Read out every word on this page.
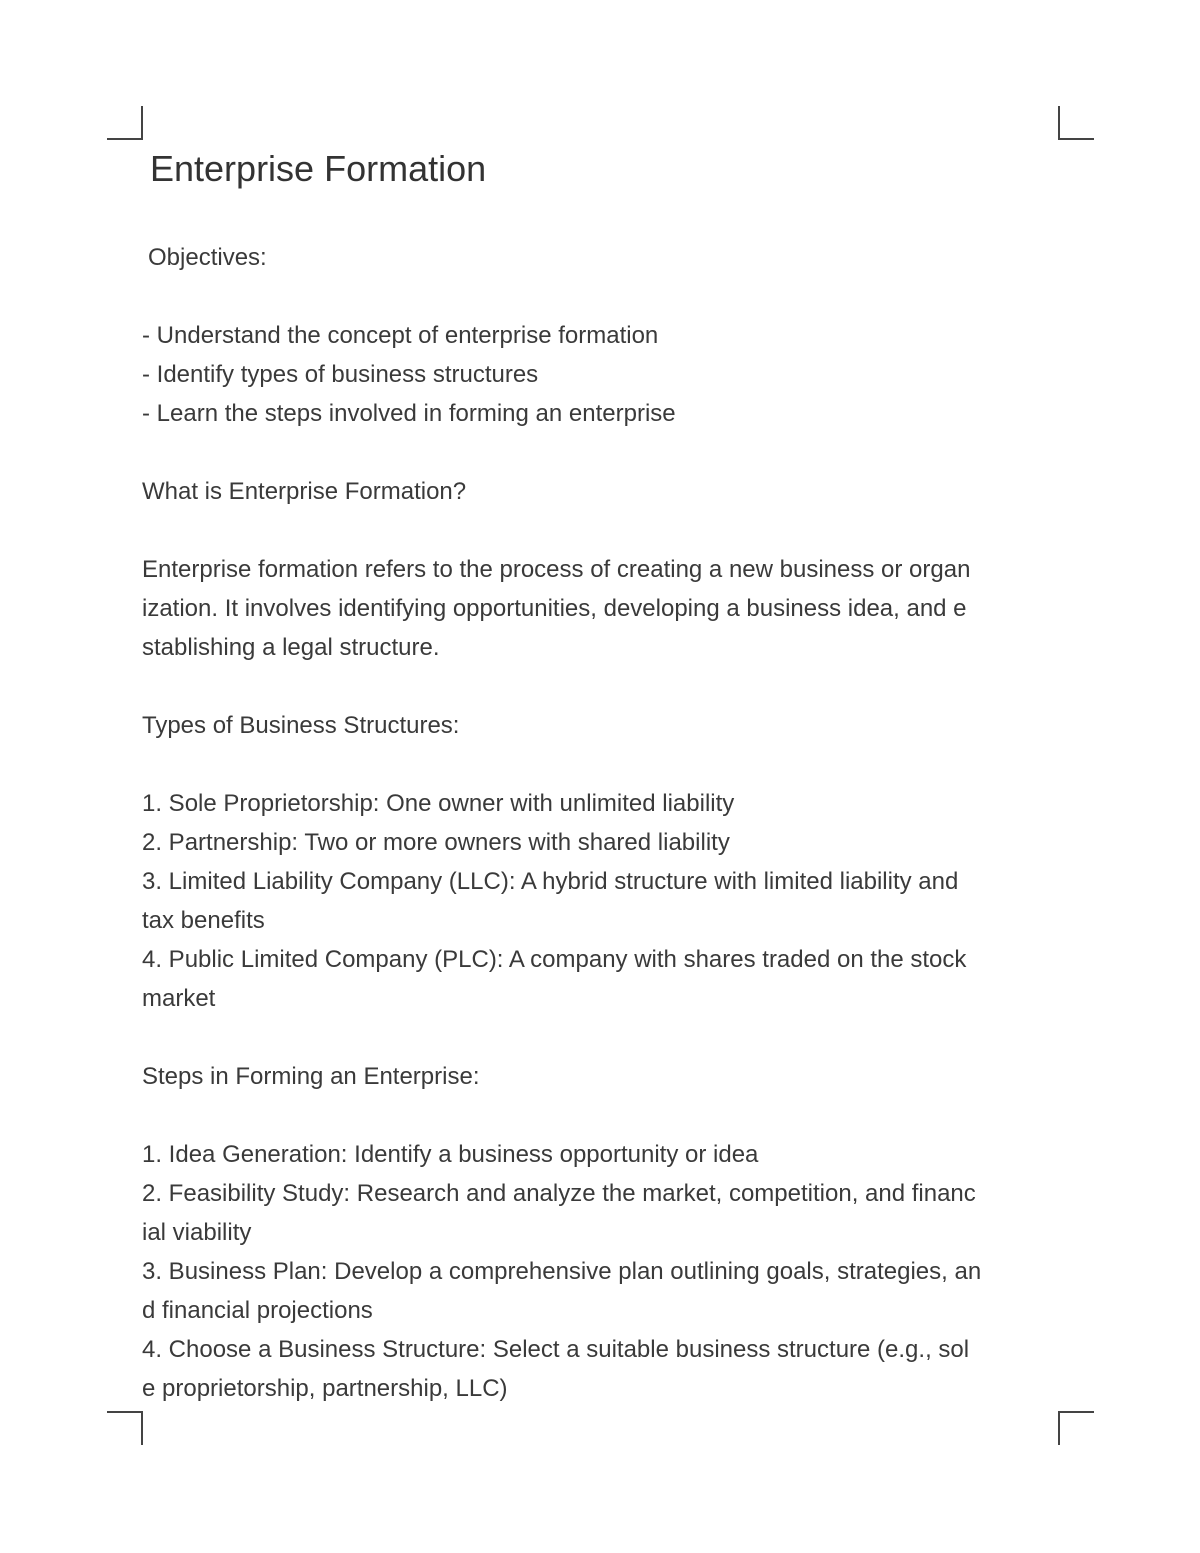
Enterprise Formation

Objectives:

- Understand the concept of enterprise formation

- Identify types of business structures

- Learn the steps involved in forming an enterprise

What is Enterprise Formation?

Enterprise formation refers to the process of creating a new business or organ

ization. It involves identifying opportunities, developing a business idea, and e

stablishing a legal structure.

Types of Business Structures:

1. Sole Proprietorship: One owner with unlimited liability

2. Partnership: Two or more owners with shared liability

3. Limited Liability Company (LLC): A hybrid structure with limited liability and

tax benefits

4. Public Limited Company (PLC): A company with shares traded on the stock

market

Steps in Forming an Enterprise:

1. Idea Generation: Identify a business opportunity or idea

2. Feasibility Study: Research and analyze the market, competition, and financ

ial viability

3. Business Plan: Develop a comprehensive plan outlining goals, strategies, an

d financial projections

4. Choose a Business Structure: Select a suitable business structure (e.g., sol

e proprietorship, partnership, LLC)
